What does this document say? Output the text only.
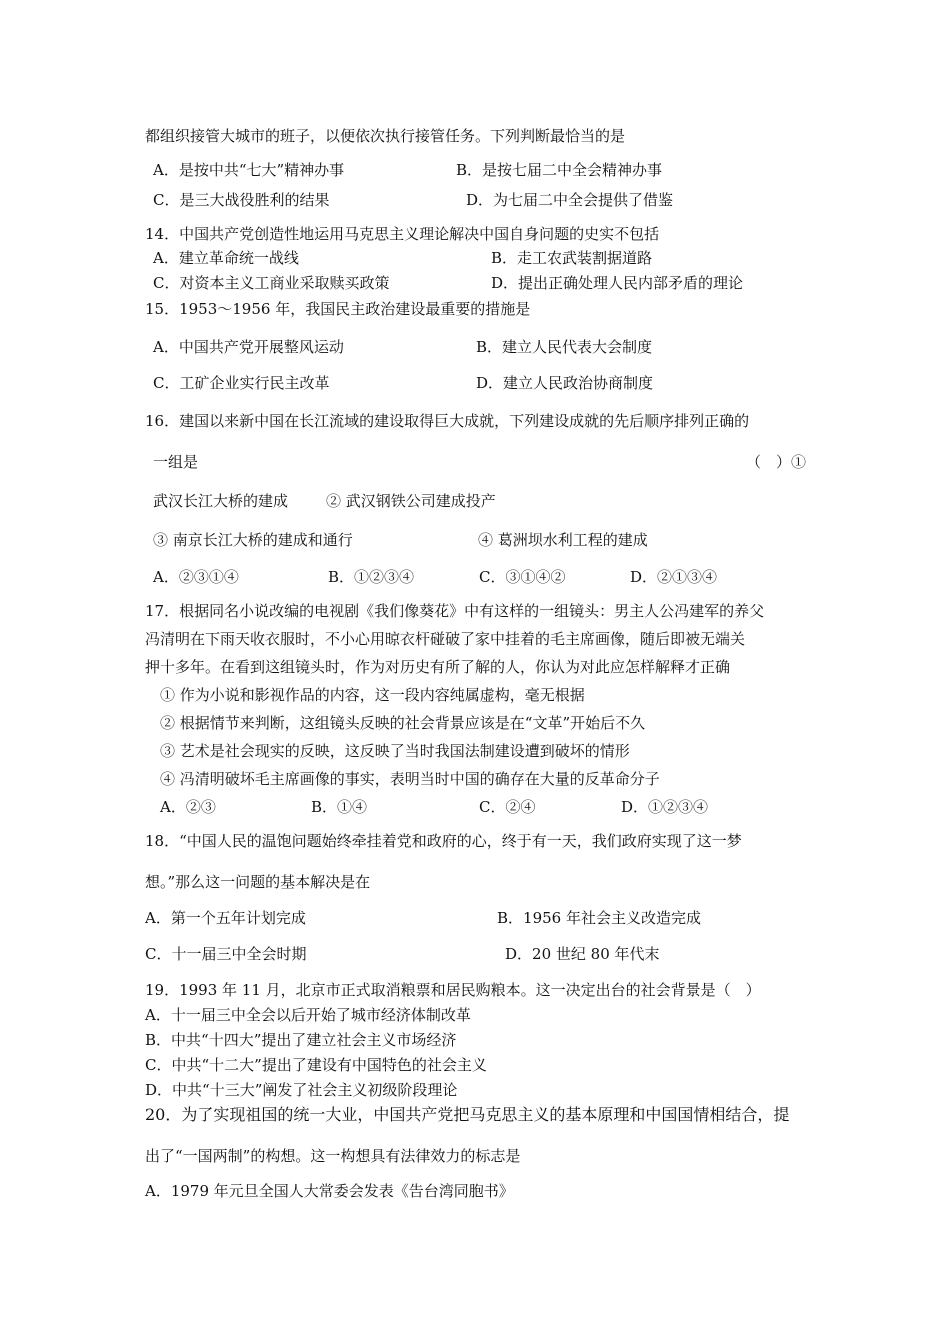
都组织接管大城市的班子，以便依次执行接管任务。下列判断最恰当的是
A．是按中共“七大”精神办事	B．是按七届二中全会精神办事
C．是三大战役胜利的结果	D．为七届二中全会提供了借鉴
14．中国共产党创造性地运用马克思主义理论解决中国自身问题的史实不包括
A．建立革命统一战线	B．走工农武装割据道路
C．对资本主义工商业采取赎买政策	D．提出正确处理人民内部矛盾的理论
15．1953～1956 年，我国民主政治建设最重要的措施是
A．中国共产党开展整风运动	B．建立人民代表大会制度
C．工矿企业实行民主改革	D．建立人民政治协商制度
16．建国以来新中国在长江流域的建设取得巨大成就，下列建设成就的先后顺序排列正确的
一组是	（　）①
武汉长江大桥的建成	② 武汉钢铁公司建成投产
③ 南京长江大桥的建成和通行	④ 葛洲坝水利工程的建成
A．②③①④	B．①②③④	C．③①④②	D．②①③④
17．根据同名小说改编的电视剧《我们像葵花》中有这样的一组镜头：男主人公冯建军的养父
冯清明在下雨天收衣服时，不小心用晾衣杆碰破了家中挂着的毛主席画像，随后即被无端关
押十多年。在看到这组镜头时，作为对历史有所了解的人，你认为对此应怎样解释才正确
① 作为小说和影视作品的内容，这一段内容纯属虚构，毫无根据
② 根据情节来判断，这组镜头反映的社会背景应该是在“文革”开始后不久
③ 艺术是社会现实的反映，这反映了当时我国法制建设遭到破坏的情形
④ 冯清明破坏毛主席画像的事实，表明当时中国的确存在大量的反革命分子
A．②③	B．①④	C．②④	D．①②③④
18．“中国人民的温饱问题始终牵挂着党和政府的心，终于有一天，我们政府实现了这一梦
想。”那么这一问题的基本解决是在
A．第一个五年计划完成	B．1956 年社会主义改造完成
C．十一届三中全会时期	D．20 世纪 80 年代末
19．1993 年 11 月，北京市正式取消粮票和居民购粮本。这一决定出台的社会背景是（　）
A．十一届三中全会以后开始了城市经济体制改革
B．中共“十四大”提出了建立社会主义市场经济
C．中共“十二大”提出了建设有中国特色的社会主义
D．中共“十三大”阐发了社会主义初级阶段理论
20．为了实现祖国的统一大业，中国共产党把马克思主义的基本原理和中国国情相结合，提
出了“一国两制”的构想。这一构想具有法律效力的标志是
A．1979 年元旦全国人大常委会发表《告台湾同胞书》
